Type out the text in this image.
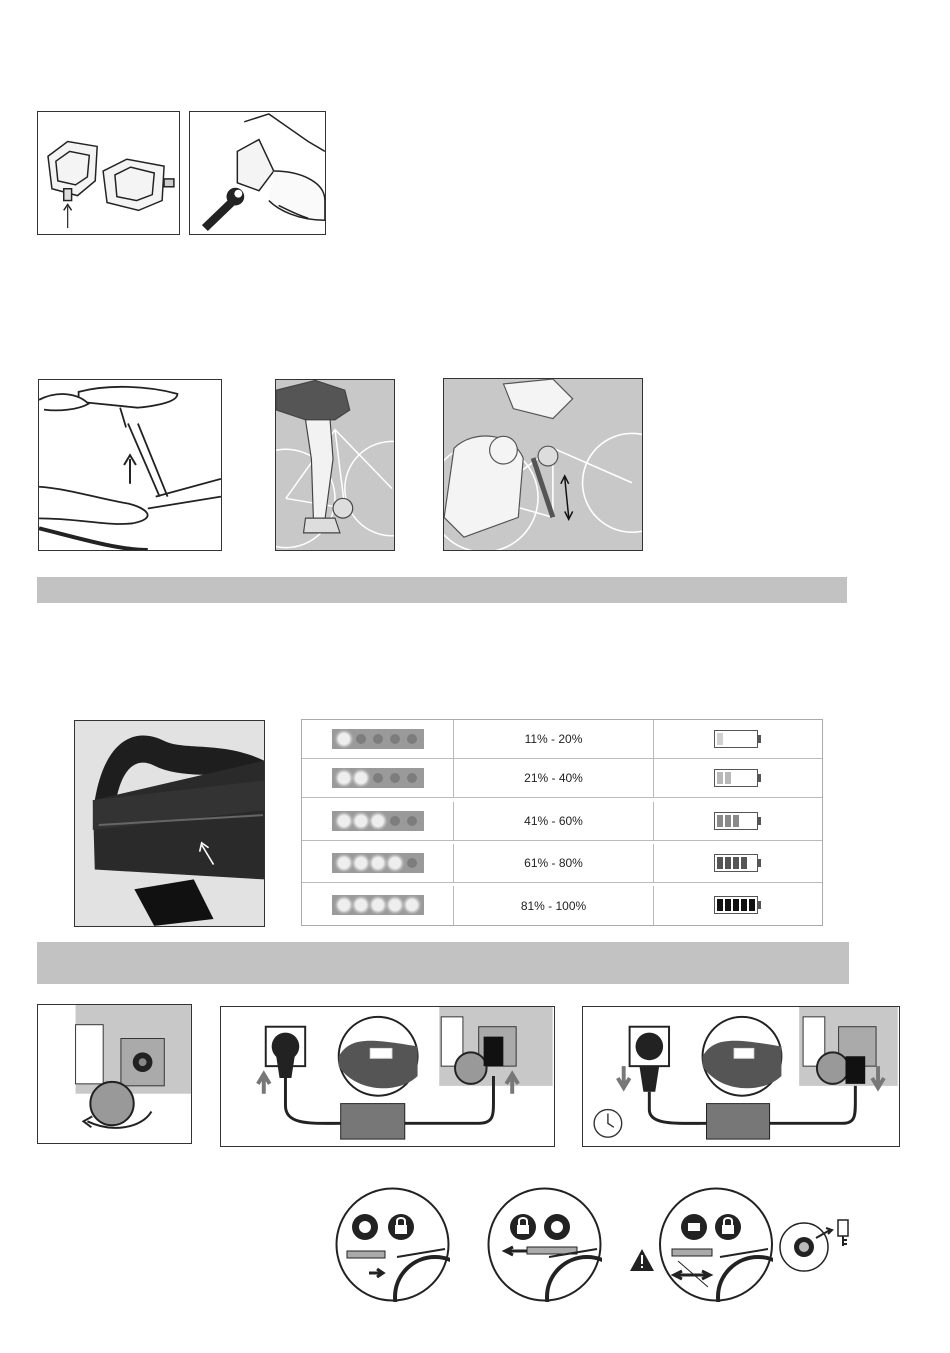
11% - 20%
21% - 40%
41% - 60%
61% - 80%
81% - 100%
